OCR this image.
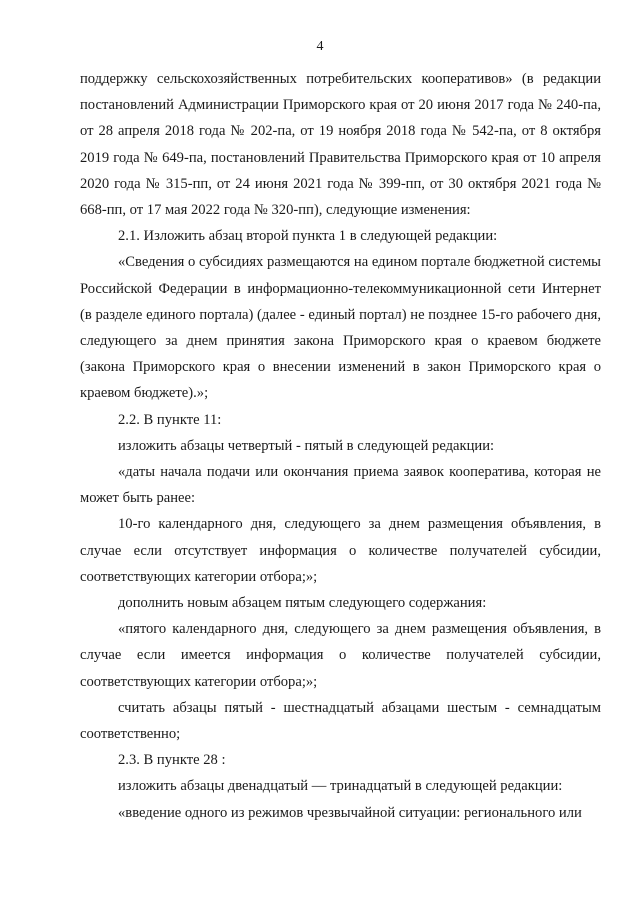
4

поддержку сельскохозяйственных потребительских кооперативов» (в редакции постановлений Администрации Приморского края от 20 июня 2017 года № 240-па, от 28 апреля 2018 года № 202-па, от 19 ноября 2018 года № 542-па, от 8 октября 2019 года № 649-па, постановлений Правительства Приморского края от 10 апреля 2020 года № 315-пп, от 24 июня 2021 года № 399-пп, от 30 октября 2021 года № 668-пп, от 17 мая 2022 года № 320-пп), следующие изменения:

2.1. Изложить абзац второй пункта 1 в следующей редакции:

«Сведения о субсидиях размещаются на едином портале бюджетной системы Российской Федерации в информационно-телекоммуникационной сети Интернет (в разделе единого портала) (далее - единый портал) не позднее 15-го рабочего дня, следующего за днем принятия закона Приморского края о краевом бюджете (закона Приморского края о внесении изменений в закон Приморского края о краевом бюджете).»;

2.2. В пункте 11:

изложить абзацы четвертый - пятый в следующей редакции:

«даты начала подачи или окончания приема заявок кооператива, которая не может быть ранее:

10-го календарного дня, следующего за днем размещения объявления, в случае если отсутствует информация о количестве получателей субсидии, соответствующих категории отбора;»;

дополнить новым абзацем пятым следующего содержания:

«пятого календарного дня, следующего за днем размещения объявления, в случае если имеется информация о количестве получателей субсидии, соответствующих категории отбора;»;

считать абзацы пятый - шестнадцатый абзацами шестым - семнадцатым соответственно;

2.3. В пункте 28 :

изложить абзацы двенадцатый — тринадцатый в следующей редакции:

«введение одного из режимов чрезвычайной ситуации: регионального или
